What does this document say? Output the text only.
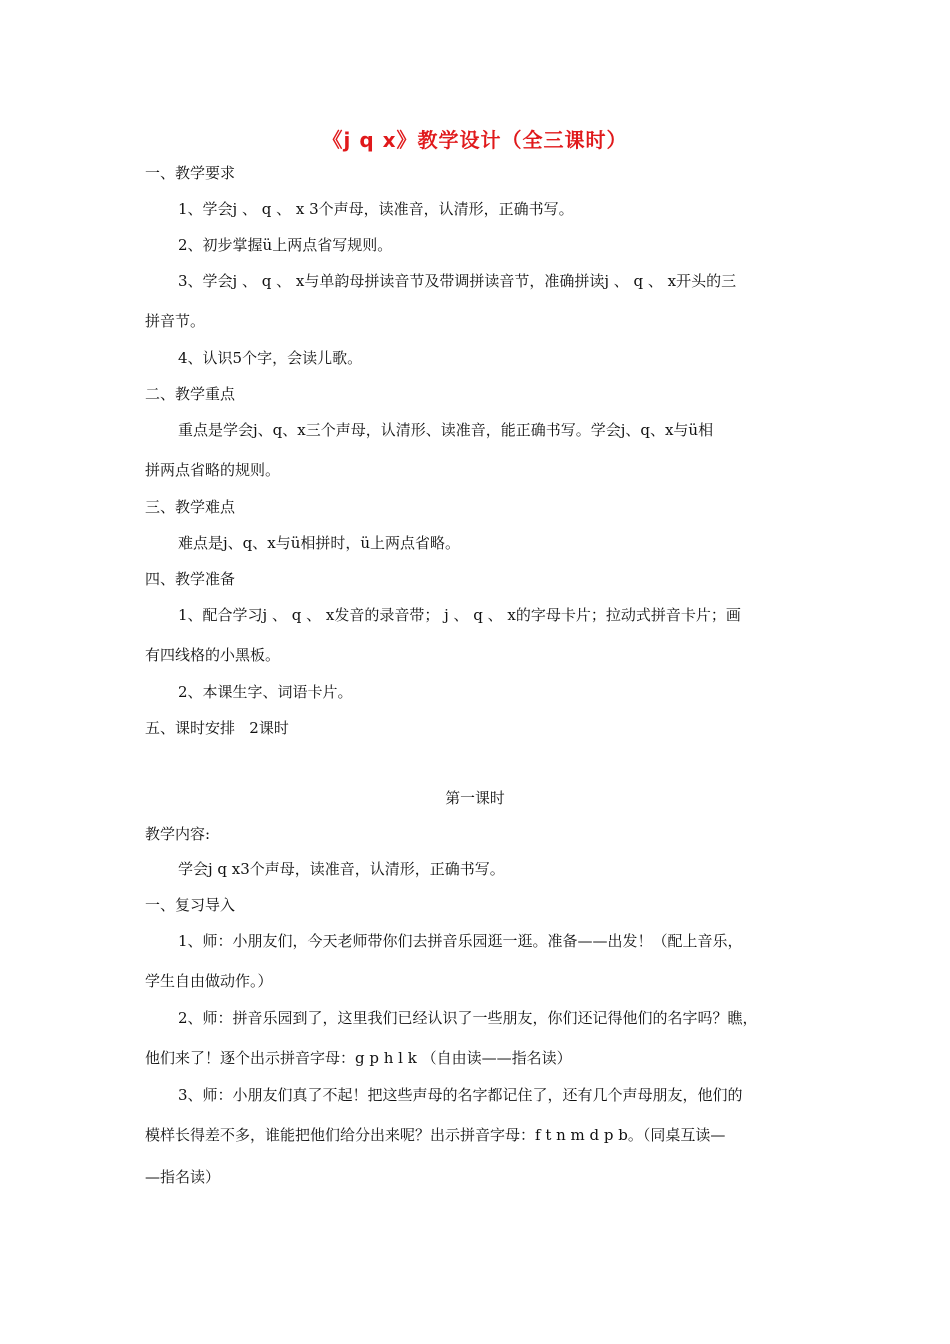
《j q x》教学设计（全三课时）
一、教学要求
1、学会j 、 q 、 x 3个声母，读准音，认清形，正确书写。
2、初步掌握ü上两点省写规则。
3、学会j 、 q 、 x与单韵母拼读音节及带调拼读音节，准确拼读j 、 q 、 x开头的三
拼音节。
4、认识5个字，会读儿歌。
二、教学重点
重点是学会j、q、x三个声母，认清形、读准音，能正确书写。学会j、q、x与ü相
拼两点省略的规则。
三、教学难点
难点是j、q、x与ü相拼时，ü上两点省略。
四、教学准备
1、配合学习j 、 q 、 x发音的录音带； j 、 q 、 x的字母卡片；拉动式拼音卡片；画
有四线格的小黑板。
2、本课生字、词语卡片。
五、课时安排   2课时
第一课时
教学内容:
学会j q x3个声母，读准音，认清形，正确书写。
一、复习导入
1、师：小朋友们，今天老师带你们去拼音乐园逛一逛。准备——出发！（配上音乐，
学生自由做动作。）
2、师：拼音乐园到了，这里我们已经认识了一些朋友，你们还记得他们的名字吗？瞧，
他们来了！逐个出示拼音字母：g p h l k （自由读——指名读）
3、师：小朋友们真了不起！把这些声母的名字都记住了，还有几个声母朋友，他们的
模样长得差不多，谁能把他们给分出来呢？出示拼音字母：f t n m d p b。（同桌互读—
—指名读）
